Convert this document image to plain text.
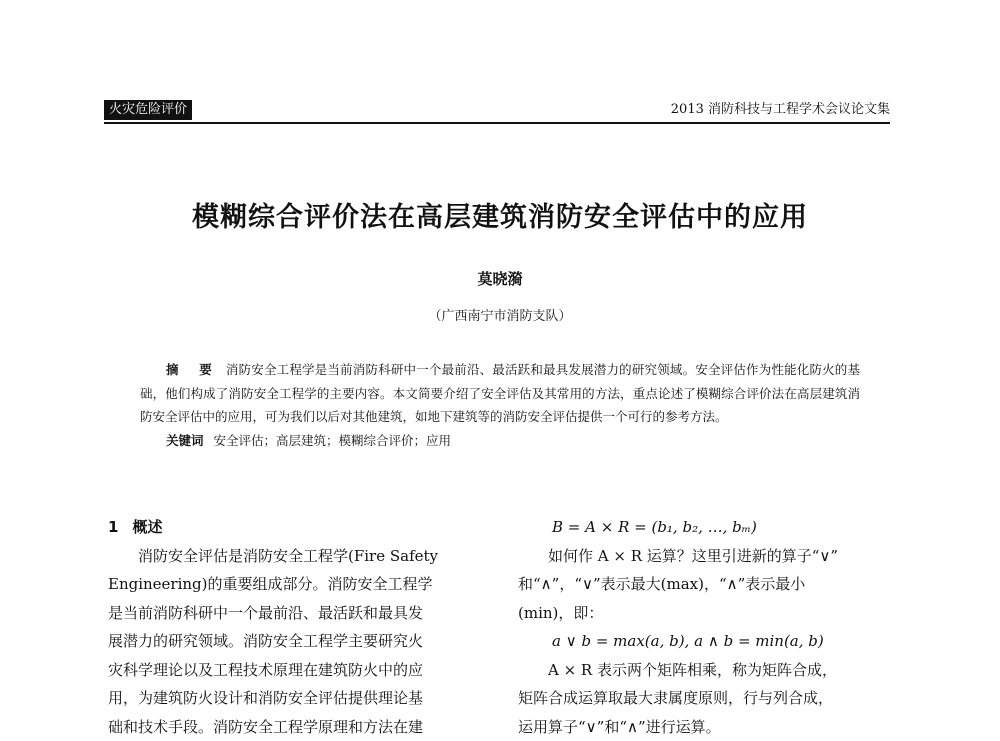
火灾危险评价	2013 消防科技与工程学术会议论文集
模糊综合评价法在高层建筑消防安全评估中的应用
莫晓漪
（广西南宁市消防支队）

摘 要 消防安全工程学是当前消防科研中一个最前沿、最活跃和最具发展潜力的研究领域。安全评估作为性能化防火的基础，他们构成了消防安全工程学的主要内容。本文简要介绍了安全评估及其常用的方法，重点论述了模糊综合评价法在高层建筑消防安全评估中的应用，可为我们以后对其他建筑，如地下建筑等的消防安全评估提供一个可行的参考方法。

关键词 安全评估；高层建筑；模糊综合评价；应用

1 概述
消防安全评估是消防安全工程学(Fire Safety
Engineering)的重要组成部分。消防安全工程学
是当前消防科研中一个最前沿、最活跃和最具发
展潜力的研究领域。消防安全工程学主要研究火
灾科学理论以及工程技术原理在建筑防火中的应
用，为建筑防火设计和消防安全评估提供理论基
础和技术手段。消防安全工程学原理和方法在建
B = A × R = (b₁, b₂, …, bₘ)
如何作 A × R 运算？这里引进新的算子“∨”
和“∧”，“∨”表示最大(max)，“∧”表示最小
(min)，即：
a ∨ b = max(a, b), a ∧ b = min(a, b)
A × R 表示两个矩阵相乘，称为矩阵合成，
矩阵合成运算取最大隶属度原则，行与列合成，
运用算子“∨”和“∧”进行运算。
